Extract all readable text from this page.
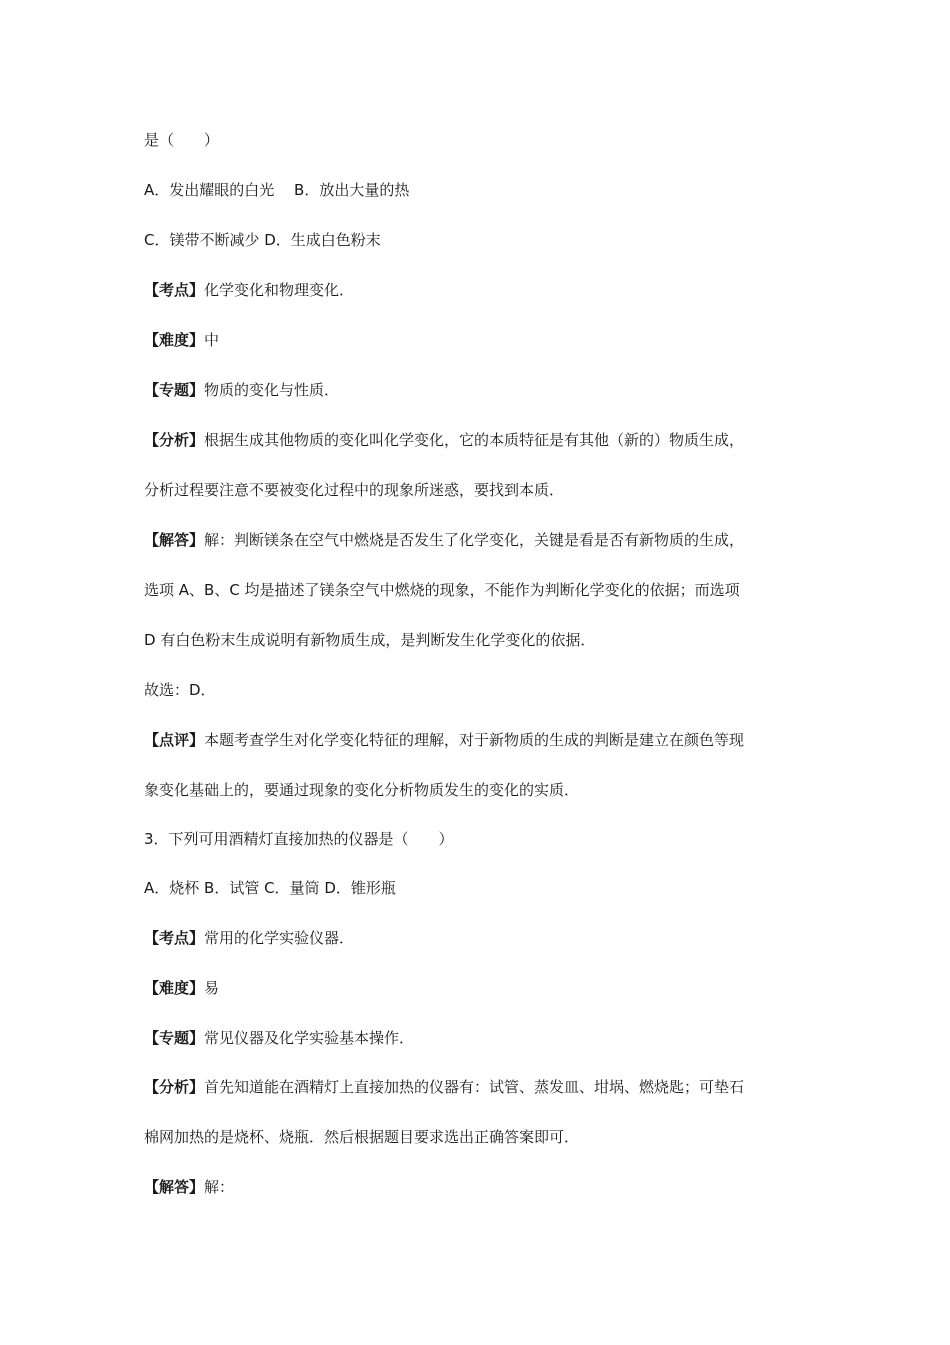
是（　　）
A．发出耀眼的白光　 B．放出大量的热
C．镁带不断减少 D．生成白色粉末
【考点】化学变化和物理变化．
【难度】中
【专题】物质的变化与性质．
【分析】根据生成其他物质的变化叫化学变化，它的本质特征是有其他（新的）物质生成，
分析过程要注意不要被变化过程中的现象所迷惑，要找到本质．
【解答】解：判断镁条在空气中燃烧是否发生了化学变化，关键是看是否有新物质的生成，
选项 A、B、C 均是描述了镁条空气中燃烧的现象，不能作为判断化学变化的依据；而选项
D 有白色粉末生成说明有新物质生成，是判断发生化学变化的依据．
故选：D．
【点评】本题考查学生对化学变化特征的理解，对于新物质的生成的判断是建立在颜色等现
象变化基础上的，要通过现象的变化分析物质发生的变化的实质．
3．下列可用酒精灯直接加热的仪器是（　　）
A．烧杯 B．试管 C．量筒 D．锥形瓶
【考点】常用的化学实验仪器．
【难度】易
【专题】常见仪器及化学实验基本操作．
【分析】首先知道能在酒精灯上直接加热的仪器有：试管、蒸发皿、坩埚、燃烧匙；可垫石
棉网加热的是烧杯、烧瓶．然后根据题目要求选出正确答案即可．
【解答】解：
